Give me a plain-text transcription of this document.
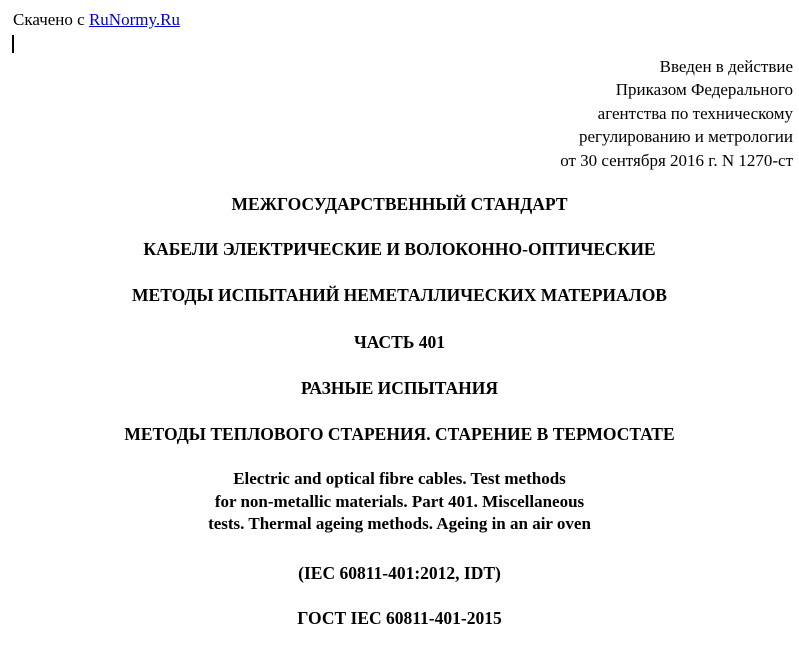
Скачено с RuNormy.Ru
Введен в действие
Приказом Федерального
агентства по техническому
регулированию и метрологии
от 30 сентября 2016 г. N 1270-ст
МЕЖГОСУДАРСТВЕННЫЙ СТАНДАРТ
КАБЕЛИ ЭЛЕКТРИЧЕСКИЕ И ВОЛОКОННО-ОПТИЧЕСКИЕ
МЕТОДЫ ИСПЫТАНИЙ НЕМЕТАЛЛИЧЕСКИХ МАТЕРИАЛОВ
ЧАСТЬ 401
РАЗНЫЕ ИСПЫТАНИЯ
МЕТОДЫ ТЕПЛОВОГО СТАРЕНИЯ. СТАРЕНИЕ В ТЕРМОСТАТЕ
Electric and optical fibre cables. Test methods
for non-metallic materials. Part 401. Miscellaneous
tests. Thermal ageing methods. Ageing in an air oven
(IEC 60811-401:2012, IDT)
ГОСТ IEC 60811-401-2015
